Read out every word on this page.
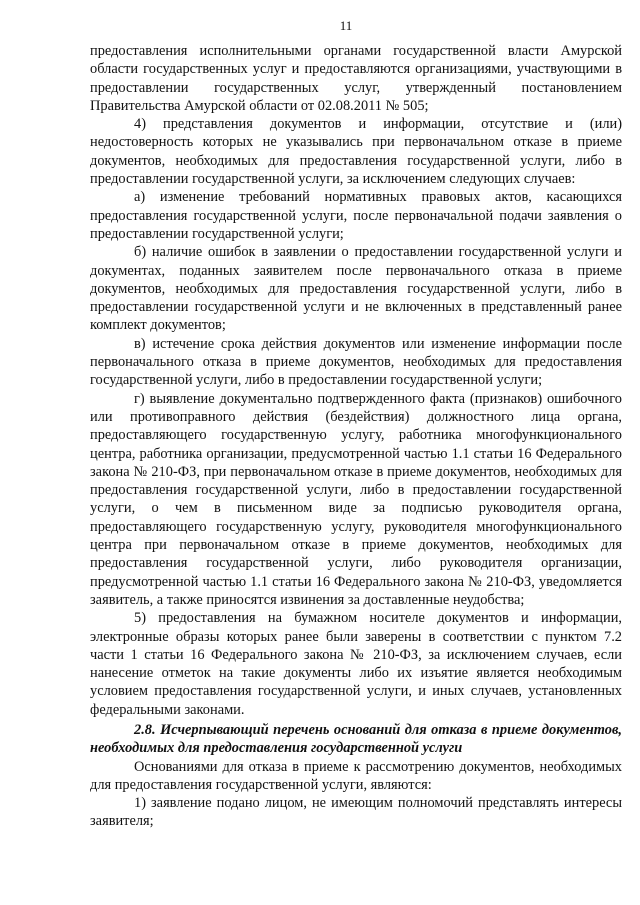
11

предоставления исполнительными органами государственной власти Амурской области государственных услуг и предоставляются организациями, участвующими в предоставлении государственных услуг, утвержденный постановлением Правительства Амурской области от 02.08.2011 № 505;

4) представления документов и информации, отсутствие и (или) недостоверность которых не указывались при первоначальном отказе в приеме документов, необходимых для предоставления государственной услуги, либо в предоставлении государственной услуги, за исключением следующих случаев:

а) изменение требований нормативных правовых актов, касающихся предоставления государственной услуги, после первоначальной подачи заявления о предоставлении государственной услуги;

б) наличие ошибок в заявлении о предоставлении государственной услуги и документах, поданных заявителем после первоначального отказа в приеме документов, необходимых для предоставления государственной услуги, либо в предоставлении государственной услуги и не включенных в представленный ранее комплект документов;

в) истечение срока действия документов или изменение информации после первоначального отказа в приеме документов, необходимых для предоставления государственной услуги, либо в предоставлении государственной услуги;

г) выявление документально подтвержденного факта (признаков) ошибочного или противоправного действия (бездействия) должностного лица органа, предоставляющего государственную услугу, работника многофункционального центра, работника организации, предусмотренной частью 1.1 статьи 16 Федерального закона № 210-ФЗ, при первоначальном отказе в приеме документов, необходимых для предоставления государственной услуги, либо в предоставлении государственной услуги, о чем в письменном виде за подписью руководителя органа, предоставляющего государственную услугу, руководителя многофункционального центра при первоначальном отказе в приеме документов, необходимых для предоставления государственной услуги, либо руководителя организации, предусмотренной частью 1.1 статьи 16 Федерального закона № 210-ФЗ, уведомляется заявитель, а также приносятся извинения за доставленные неудобства;

5) предоставления на бумажном носителе документов и информации, электронные образы которых ранее были заверены в соответствии с пунктом 7.2 части 1 статьи 16 Федерального закона № 210-ФЗ, за исключением случаев, если нанесение отметок на такие документы либо их изъятие является необходимым условием предоставления государственной услуги, и иных случаев, установленных федеральными законами.

2.8. Исчерпывающий перечень оснований для отказа в приеме документов, необходимых для предоставления государственной услуги

Основаниями для отказа в приеме к рассмотрению документов, необходимых для предоставления государственной услуги, являются:

1) заявление подано лицом, не имеющим полномочий представлять интересы заявителя;
